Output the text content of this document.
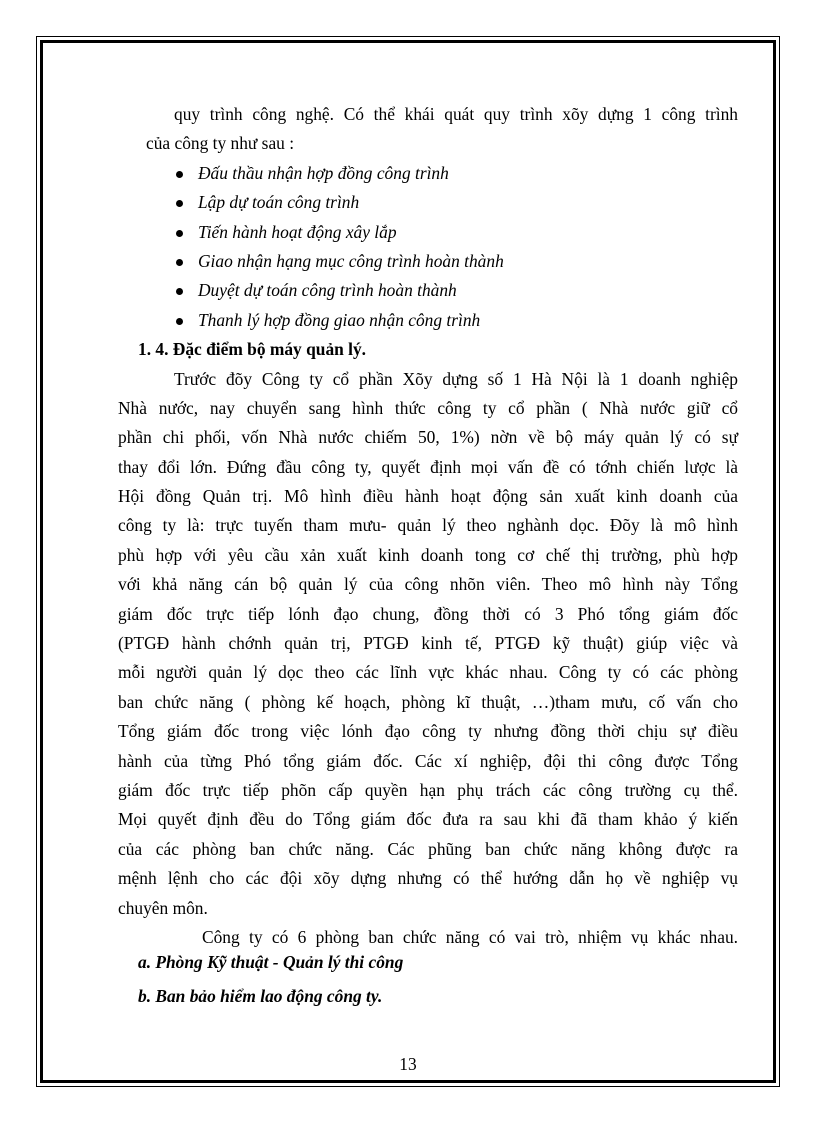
quy trình công nghệ. Có thể khái quát quy trình xõy dựng 1 công trình
của công ty như sau :
Đấu thầu nhận hợp đồng công trình
Lập dự toán công trình
Tiến hành hoạt động xây lắp
Giao nhận hạng mục công trình hoàn thành
Duyệt dự toán công trình hoàn thành
Thanh lý hợp đồng giao nhận công trình
1. 4. Đặc điểm bộ máy quản lý.
Trước đõy Công ty cổ phần Xõy dựng số 1 Hà Nội là 1 doanh nghiệp
Nhà nước, nay chuyển sang hình thức công ty cổ phần ( Nhà nước giữ cổ
phần chi phối, vốn Nhà nước chiếm 50, 1%) nờn về bộ máy quản lý có sự
thay đổi lớn. Đứng đầu công ty, quyết định mọi vấn đề có tớnh chiến lược là
Hội đồng Quản trị. Mô hình điều hành hoạt động sản xuất kinh doanh của
công ty là: trực tuyến tham mưu- quản lý theo nghành dọc. Đõy là mô hình
phù hợp với yêu cầu xản xuất kinh doanh tong cơ chế thị trường, phù hợp
với khả năng cán bộ quản lý của công nhõn viên. Theo mô hình này Tổng
giám đốc trực tiếp lónh đạo chung, đồng thời có 3 Phó tổng giám đốc
(PTGĐ hành chớnh quản trị, PTGĐ kinh tế, PTGĐ kỹ thuật) giúp việc và
mỗi người quản lý dọc theo các lĩnh vực khác nhau. Công ty có các phòng
ban chức năng ( phòng kế hoạch, phòng kĩ thuật, …)tham mưu, cố vấn cho
Tổng giám đốc trong việc lónh đạo công ty nhưng đồng thời chịu sự điều
hành của từng Phó tổng giám đốc. Các xí nghiệp, đội thi công được Tổng
giám đốc trực tiếp phõn cấp quyền hạn phụ trách các công trường cụ thể.
Mọi quyết định đều do Tổng giám đốc đưa ra sau khi đã tham khảo ý kiến
của các phòng ban chức năng. Các phũng ban chức năng không được ra
mệnh lệnh cho các đội xõy dựng nhưng có thể hướng dẫn họ về nghiệp vụ
chuyên môn.
Công ty có 6 phòng ban chức năng có vai trò, nhiệm vụ khác nhau.
a. Phòng Kỹ thuật - Quản lý thi công
b. Ban bảo hiểm lao động công ty.
13
